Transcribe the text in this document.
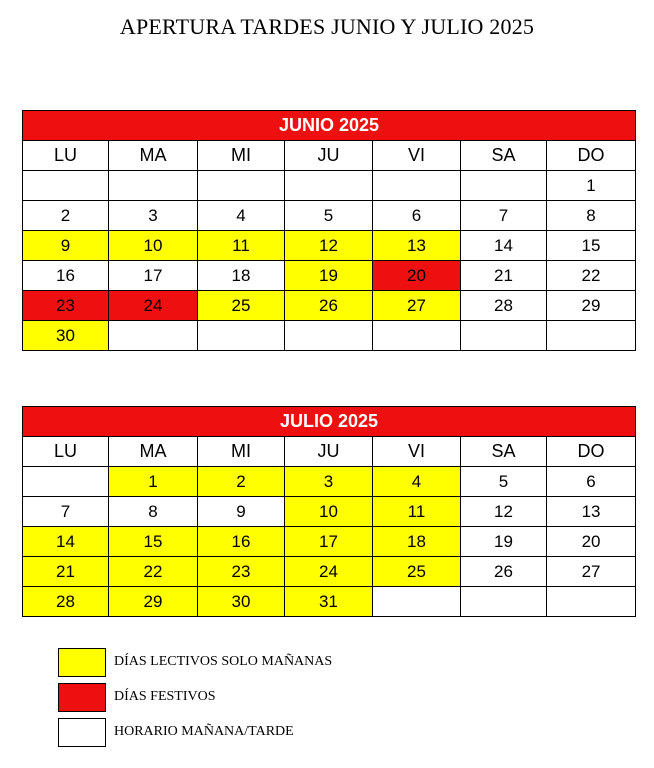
APERTURA TARDES JUNIO Y JULIO 2025
JUNIO 2025						
LU	MA	MI	JU	VI	SA	DO
						1
2	3	4	5	6	7	8
9	10	11	12	13	14	15
16	17	18	19	20	21	22
23	24	25	26	27	28	29
30						
JULIO 2025						
LU	MA	MI	JU	VI	SA	DO
	1	2	3	4	5	6
7	8	9	10	11	12	13
14	15	16	17	18	19	20
21	22	23	24	25	26	27
28	29	30	31			
DÍAS LECTIVOS SOLO MAÑANAS
DÍAS FESTIVOS
HORARIO MAÑANA/TARDE
